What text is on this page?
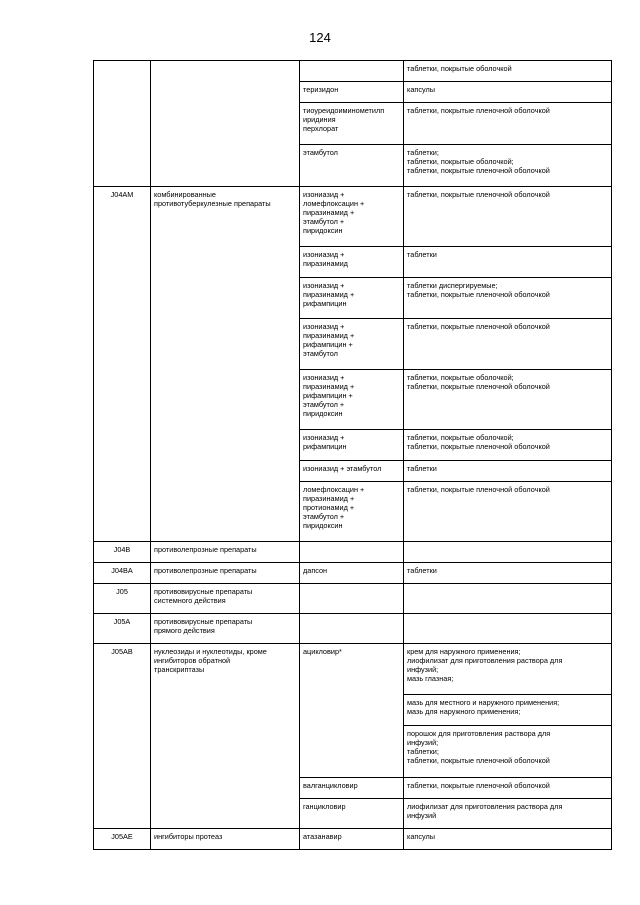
124

			таблетки, покрытые оболочкой

		теризидон	капсулы

		тиоуреидоиминометилп
иридиния
перхлорат	таблетки, покрытые пленочной оболочкой

		этамбутол	таблетки;
таблетки, покрытые оболочкой;
таблетки, покрытые пленочной оболочкой

J04AM	комбинированные
противотуберкулезные препараты	изониазид +
ломефлоксацин +
пиразинамид +
этамбутол +
пиридоксин	таблетки, покрытые пленочной оболочкой

		изониазид +
пиразинамид	таблетки

		изониазид +
пиразинамид +
рифампицин	таблетки диспергируемые;
таблетки, покрытые пленочной оболочкой

		изониазид +
пиразинамид +
рифампицин +
этамбутол	таблетки, покрытые пленочной оболочкой

		изониазид +
пиразинамид +
рифампицин +
этамбутол +
пиридоксин	таблетки, покрытые оболочкой;
таблетки, покрытые пленочной оболочкой

		изониазид +
рифампицин	таблетки, покрытые оболочкой;
таблетки, покрытые пленочной оболочкой

		изониазид + этамбутол	таблетки

		ломефлоксацин +
пиразинамид +
протионамид +
этамбутол +
пиридоксин	таблетки, покрытые пленочной оболочкой

J04B	противолепрозные препараты		

J04BA	противолепрозные препараты	дапсон	таблетки

J05	противовирусные препараты
системного действия		

J05A	противовирусные препараты
прямого действия		

J05AB	нуклеозиды и нуклеотиды, кроме
ингибиторов обратной
транскриптазы	ацикловир*	крем для наружного применения;
лиофилизат для приготовления раствора для
инфузий;
мазь глазная;

			мазь для местного и наружного применения;
мазь для наружного применения;

			порошок для приготовления раствора для
инфузий;
таблетки;
таблетки, покрытые пленочной оболочкой

		валганцикловир	таблетки, покрытые пленочной оболочкой

		ганцикловир	лиофилизат для приготовления раствора для
инфузий

J05AE	ингибиторы протеаз	атазанавир	капсулы
